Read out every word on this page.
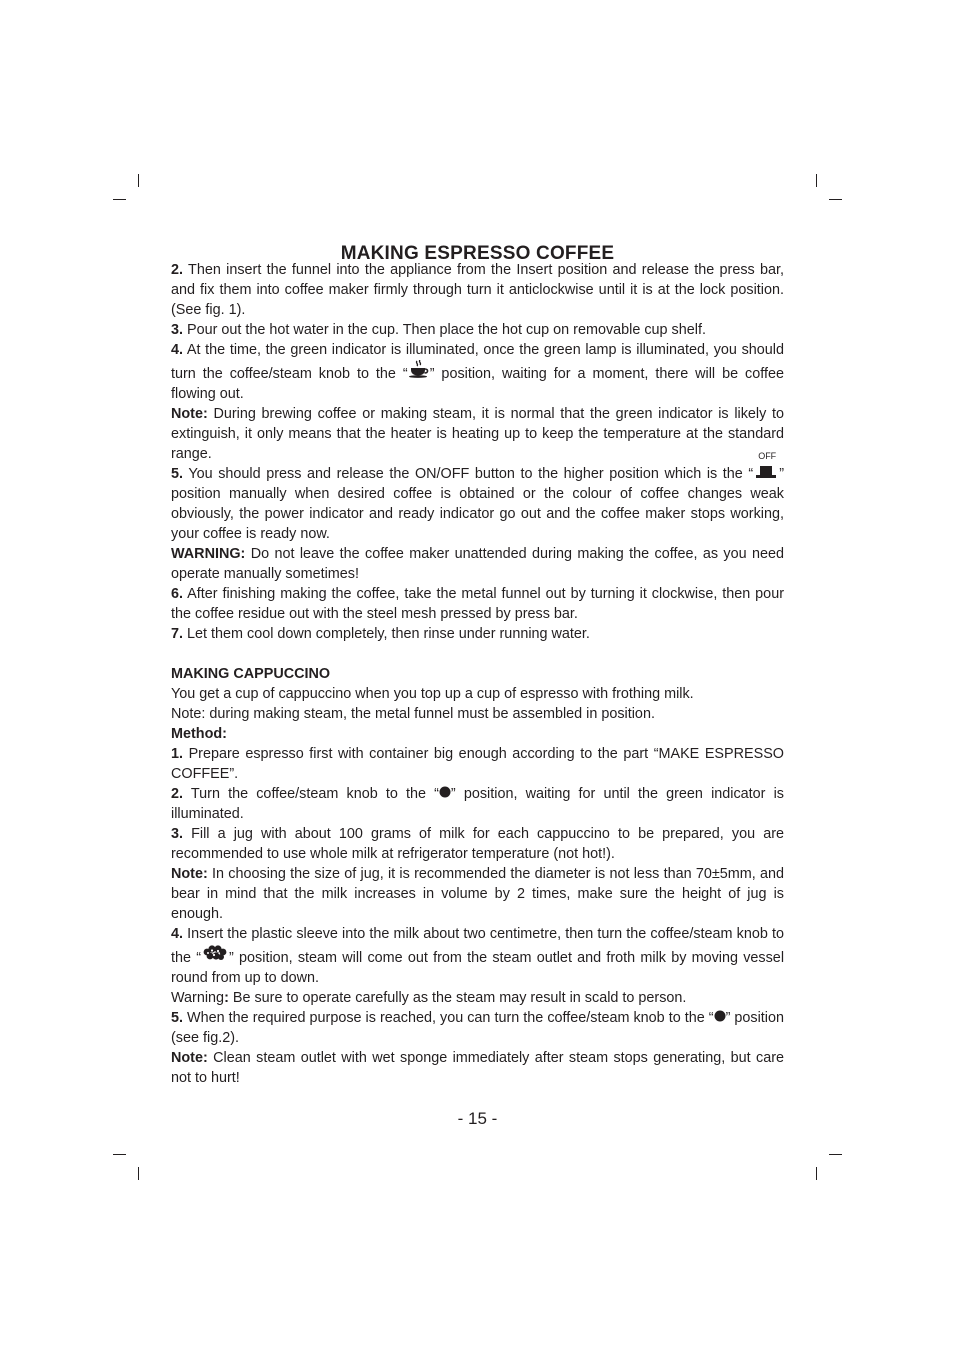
MAKING ESPRESSO COFFEE

2. Then insert the funnel into the appliance from the Insert position and release the press bar, and fix them into coffee maker firmly through turn it anticlockwise until it is at the lock position.(See fig. 1).

3. Pour out the hot water in the cup. Then place the hot cup on removable cup shelf.

4. At the time, the green indicator is illuminated, once the green lamp is illuminated, you should turn the coffee/steam knob to the “ ” position, waiting for a moment, there will be coffee flowing out.

Note: During brewing coffee or making steam, it is normal that the green indicator is likely to extinguish, it only means that the heater is heating up to keep the temperature at the standard range.

5. You should press and release the ON/OFF button to the higher position which is the “
OFF
” position manually when desired coffee is obtained or the colour of coffee changes weak obviously, the power indicator and ready indicator go out and the coffee maker stops working, your coffee is ready now.

WARNING: Do not leave the coffee maker unattended during making the coffee, as you need operate manually sometimes!

6. After finishing making the coffee, take the metal funnel out by turning it clockwise, then pour the coffee residue out with the steel mesh pressed by press bar.

7. Let them cool down completely, then rinse under running water.

MAKING CAPPUCCINO

You get a cup of cappuccino when you top up a cup of espresso with frothing milk.

Note: during making steam, the metal funnel must be assembled in position.

Method:

1. Prepare espresso first with container big enough according to the part “MAKE ESPRESSO COFFEE”.

2. Turn the coffee/steam knob to the “ ” position, waiting for until the green indicator is illuminated.

3. Fill a jug with about 100 grams of milk for each cappuccino to be prepared, you are recommended to use whole milk at refrigerator temperature (not hot!).

Note: In choosing the size of jug, it is recommended the diameter is not less than 70±5mm, and bear in mind that the milk increases in volume by 2 times, make sure the height of jug is enough.

4. Insert the plastic sleeve into the milk about two centimetre, then turn the coffee/steam knob to the “ ” position, steam will come out from the steam outlet and froth milk by moving vessel round from up to down.

Warning: Be sure to operate carefully as the steam may result in scald to person.

5. When the required purpose is reached, you can turn the coffee/steam knob to the “ ” position (see fig.2).

Note: Clean steam outlet with wet sponge immediately after steam stops generating, but care not to hurt!

- 15 -
